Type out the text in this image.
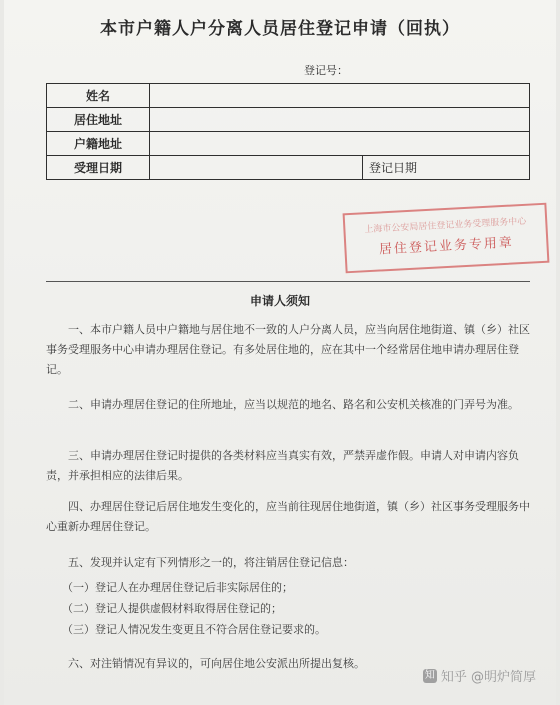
本市户籍人户分离人员居住登记申请（回执）
登记号：
姓名		
居住地址		
户籍地址		
受理日期		登记日期
上海市公安局居住登记业务受理服务中心
居住登记业务专用章
申请人须知
一、本市户籍人员中户籍地与居住地不一致的人户分离人员，应当向居住地街道、镇（乡）社区事务受理服务中心申请办理居住登记。有多处居住地的，应在其中一个经常居住地申请办理居住登记。
二、申请办理居住登记的住所地址，应当以规范的地名、路名和公安机关核准的门弄号为准。
三、申请办理居住登记时提供的各类材料应当真实有效，严禁弄虚作假。申请人对申请内容负责，并承担相应的法律后果。
四、办理居住登记后居住地发生变化的，应当前往现居住地街道，镇（乡）社区事务受理服务中心重新办理居住登记。
五、发现并认定有下列情形之一的，将注销居住登记信息：
（一）登记人在办理居住登记后非实际居住的；
（二）登记人提供虚假材料取得居住登记的；
（三）登记人情况发生变更且不符合居住登记要求的。
六、对注销情况有异议的，可向居住地公安派出所提出复核。
知 知乎 @明炉简厚
